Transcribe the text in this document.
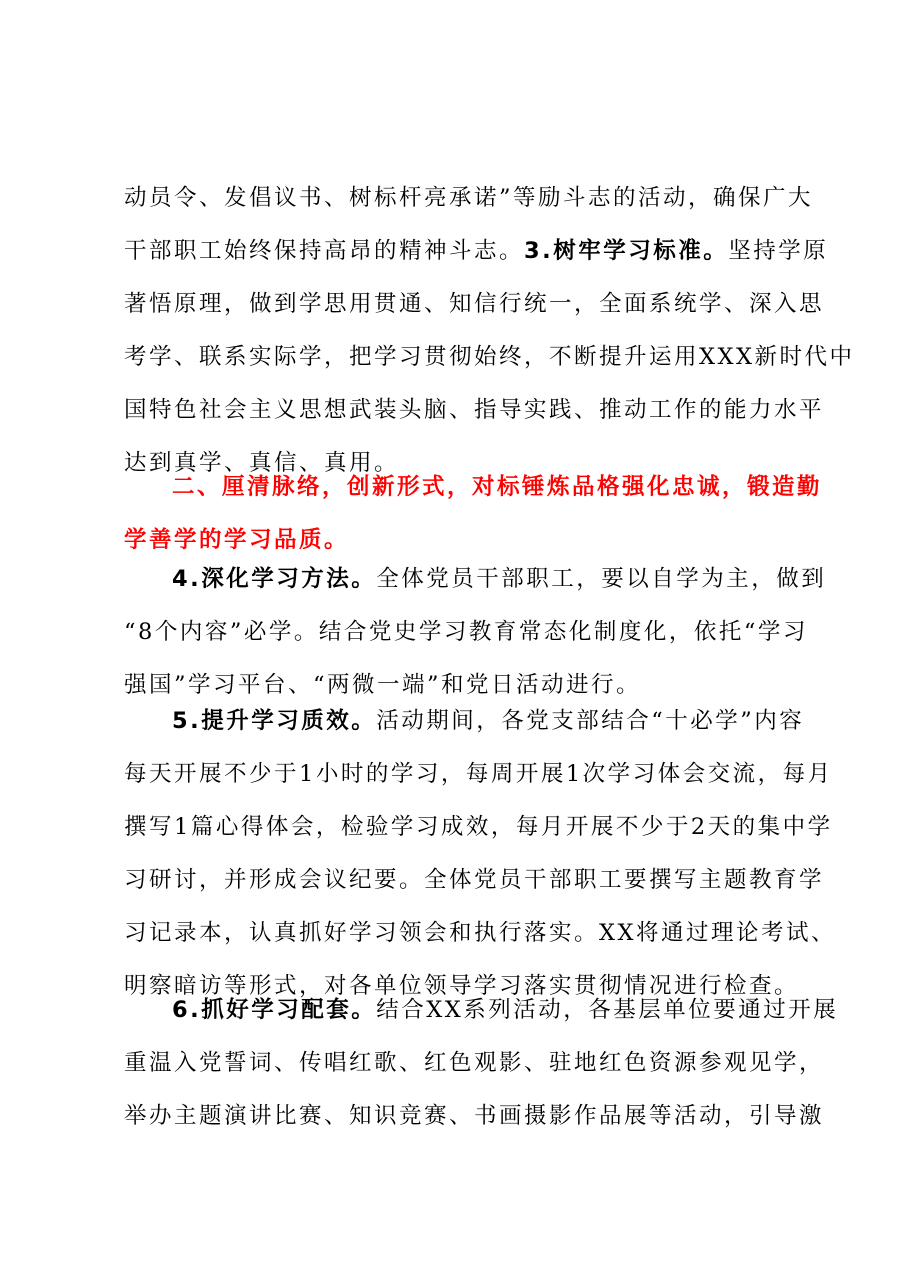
动员令、发倡议书、树标杆亮承诺”等励斗志的活动，确保广大
干部职工始终保持高昂的精神斗志。3.树牢学习标准。坚持学原
著悟原理，做到学思用贯通、知信行统一，全面系统学、深入思
考学、联系实际学，把学习贯彻始终，不断提升运用XXX新时代中
国特色社会主义思想武装头脑、指导实践、推动工作的能力水平
达到真学、真信、真用。
二、厘清脉络，创新形式，对标锤炼品格强化忠诚，锻造勤
学善学的学习品质。
4.深化学习方法。全体党员干部职工，要以自学为主，做到
“8个内容”必学。结合党史学习教育常态化制度化，依托“学习
强国”学习平台、“两微一端”和党日活动进行。
5.提升学习质效。活动期间，各党支部结合“十必学”内容
每天开展不少于1小时的学习，每周开展1次学习体会交流，每月
撰写1篇心得体会，检验学习成效，每月开展不少于2天的集中学
习研讨，并形成会议纪要。全体党员干部职工要撰写主题教育学
习记录本，认真抓好学习领会和执行落实。XX将通过理论考试、
明察暗访等形式，对各单位领导学习落实贯彻情况进行检查。
6.抓好学习配套。结合XX系列活动，各基层单位要通过开展
重温入党誓词、传唱红歌、红色观影、驻地红色资源参观见学，
举办主题演讲比赛、知识竞赛、书画摄影作品展等活动，引导激
